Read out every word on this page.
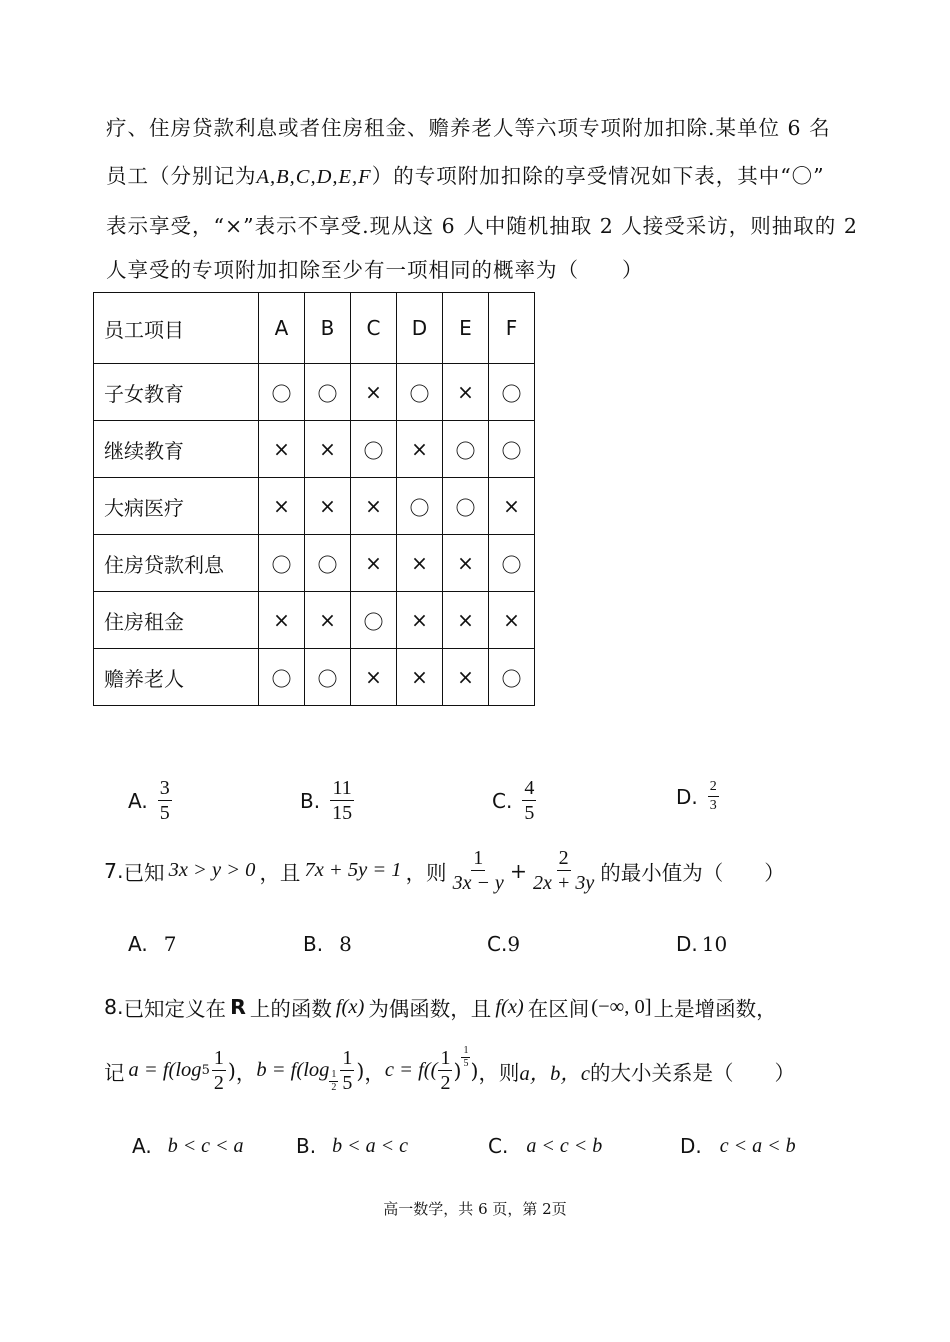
疗、住房贷款利息或者住房租金、赡养老人等六项专项附加扣除.某单位 6 名
员工（分别记为A,B,C,D,E,F）的专项附加扣除的享受情况如下表，其中“〇”
表示享受，“×”表示不享受.现从这 6 人中随机抽取 2 人接受采访，则抽取的 2
人享受的专项附加扣除至少有一项相同的概率为（　　）
员工项目	A	B	C	D	E	F
子女教育	〇	〇	×	〇	×	〇
继续教育	×	×	〇	×	〇	〇
大病医疗	×	×	×	〇	〇	×
住房贷款利息	〇	〇	×	×	×	〇
住房租金	×	×	〇	×	×	×
赡养老人	〇	〇	×	×	×	〇
A. $\frac{3}{5}$	B. $\frac{11}{15}$	C. $\frac{4}{5}$	D. $\frac{2}{3}$
7. 已知 3x > y > 0 ，且 7x + 5y = 1 ，则 $\frac{1}{3x - y} + \frac{2}{2x + 3y}$ 的最小值为（　　）
A. 7	B. 8	C. 9	D. 10
8. 已知定义在 R 上的函数 f(x) 为偶函数，且 f(x) 在区间 (−∞, 0] 上是增函数，
记 a = f(log $5 \frac{1}{2}$ ) ， $b = f(\log \frac{1}{2} \frac{1}{5}$ ) ， $c = f(( \frac{1}{2}$ )
$\frac{1}{5}$
) ，则 a，b，c 的大小关系是（　　）
A. b < c < a	B. b < a < c	C. a < c < b	D. c < a < b
高一数学，共 6 页，第 2页
